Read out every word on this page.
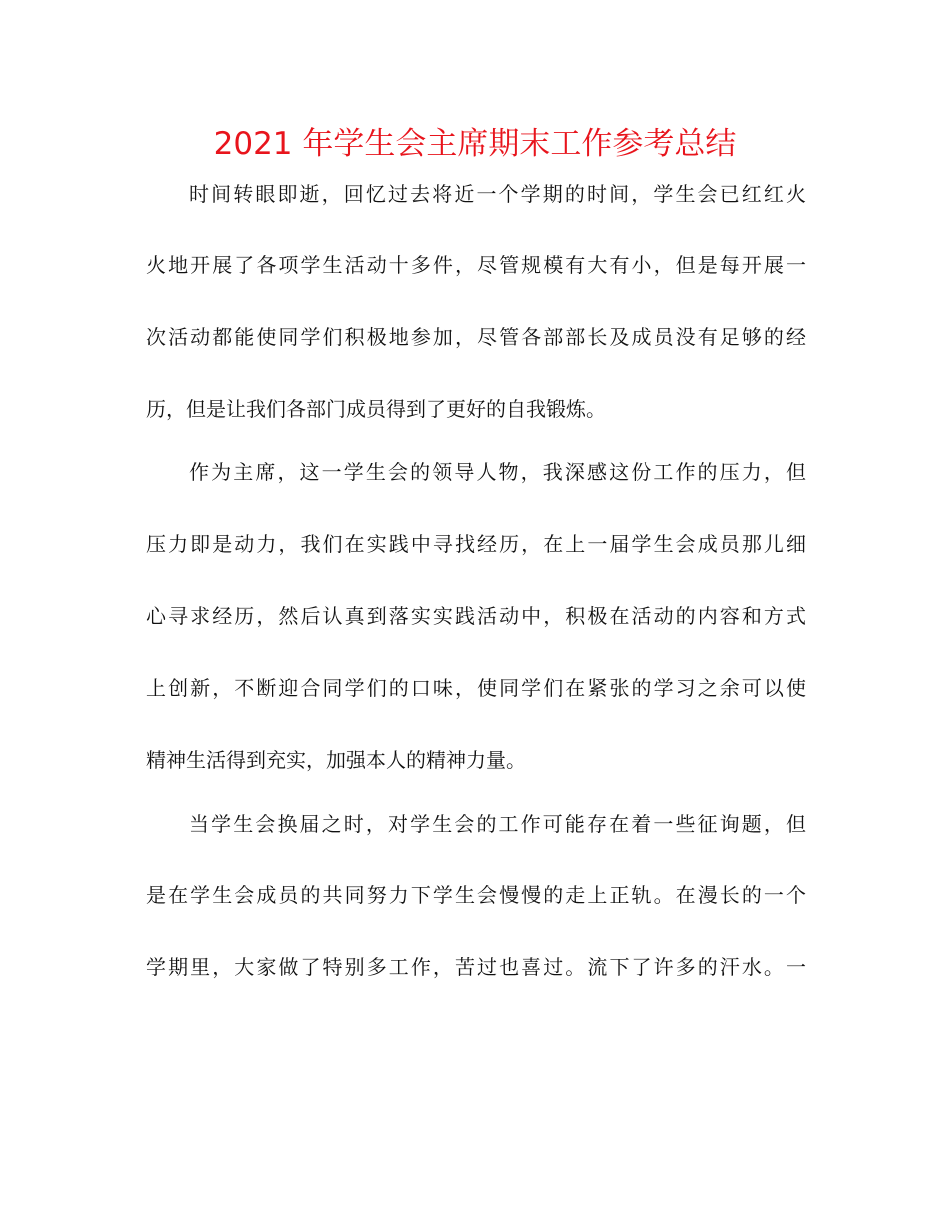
2021 年学生会主席期末工作参考总结
时间转眼即逝，回忆过去将近一个学期的时间，学生会已红红火
火地开展了各项学生活动十多件，尽管规模有大有小，但是每开展一
次活动都能使同学们积极地参加，尽管各部部长及成员没有足够的经
历，但是让我们各部门成员得到了更好的自我锻炼。
作为主席，这一学生会的领导人物，我深感这份工作的压力，但
压力即是动力，我们在实践中寻找经历，在上一届学生会成员那儿细
心寻求经历，然后认真到落实实践活动中，积极在活动的内容和方式
上创新，不断迎合同学们的口味，使同学们在紧张的学习之余可以使
精神生活得到充实，加强本人的精神力量。
当学生会换届之时，对学生会的工作可能存在着一些征询题，但
是在学生会成员的共同努力下学生会慢慢的走上正轨。在漫长的一个
学期里，大家做了特别多工作，苦过也喜过。流下了许多的汗水。一
